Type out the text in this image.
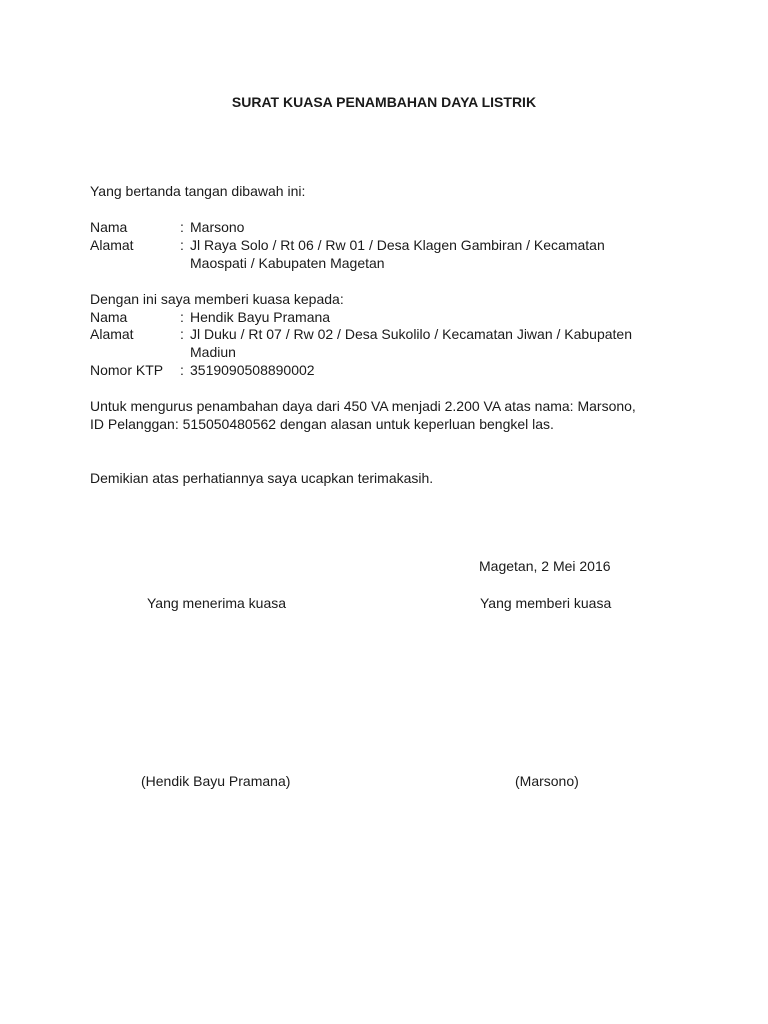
SURAT KUASA PENAMBAHAN DAYA LISTRIK
Yang bertanda tangan dibawah ini:
Nama	: Marsono
Alamat	: Jl Raya Solo / Rt 06 / Rw 01 / Desa Klagen Gambiran / Kecamatan
Maospati / Kabupaten Magetan
Dengan ini saya memberi kuasa kepada:
Nama	: Hendik Bayu Pramana
Alamat	: Jl Duku / Rt 07 / Rw 02 / Desa Sukolilo / Kecamatan Jiwan / Kabupaten
Madiun
Nomor KTP : 3519090508890002
Untuk mengurus penambahan daya dari 450 VA menjadi 2.200 VA atas nama: Marsono,
ID Pelanggan: 515050480562 dengan alasan untuk keperluan bengkel las.
Demikian atas perhatiannya saya ucapkan terimakasih.
Magetan, 2 Mei 2016
Yang menerima kuasa	Yang memberi kuasa
(Hendik Bayu Pramana)	(Marsono)
